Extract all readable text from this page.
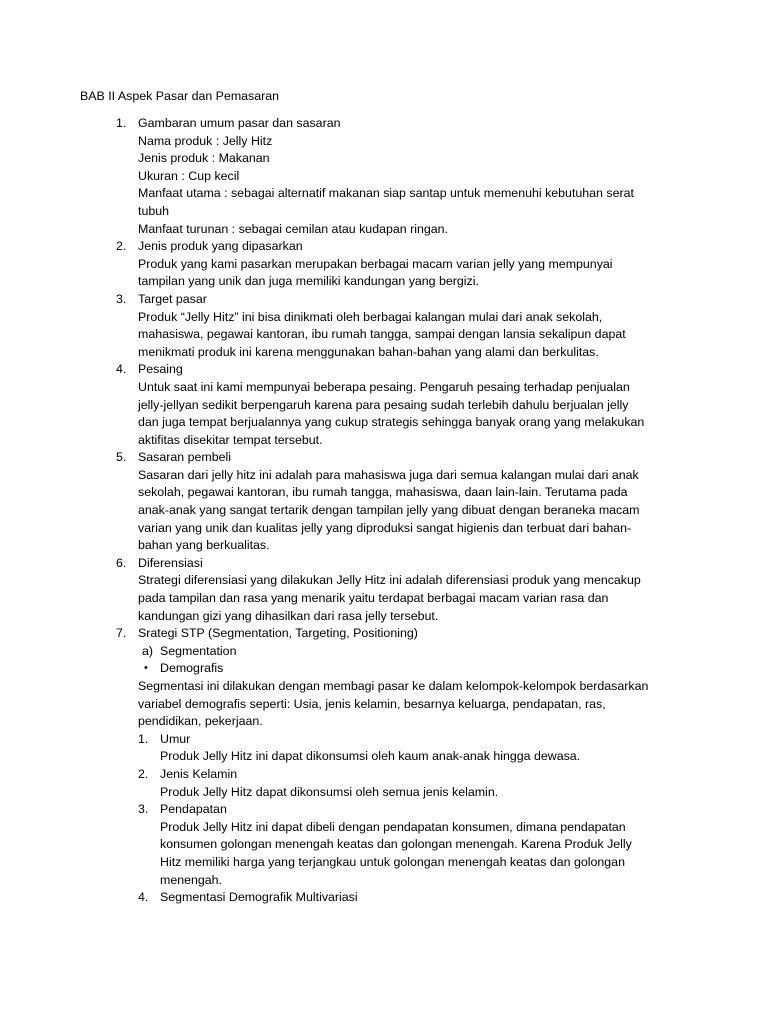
BAB II Aspek Pasar dan Pemasaran
1. Gambaran umum pasar dan sasaran
Nama produk : Jelly Hitz
Jenis produk : Makanan
Ukuran : Cup kecil
Manfaat utama : sebagai alternatif makanan siap santap untuk memenuhi kebutuhan serat
tubuh
Manfaat turunan : sebagai cemilan atau kudapan ringan.
2. Jenis produk yang dipasarkan
Produk yang kami pasarkan merupakan berbagai macam varian jelly yang mempunyai
tampilan yang unik dan juga memiliki kandungan yang bergizi.
3. Target pasar
Produk “Jelly Hitz” ini bisa dinikmati oleh berbagai kalangan mulai dari anak sekolah,
mahasiswa, pegawai kantoran, ibu rumah tangga, sampai dengan lansia sekalipun dapat
menikmati produk ini karena menggunakan bahan-bahan yang alami dan berkulitas.
4. Pesaing
Untuk saat ini kami mempunyai beberapa pesaing. Pengaruh pesaing terhadap penjualan
jelly-jellyan sedikit berpengaruh karena para pesaing sudah terlebih dahulu berjualan jelly
dan juga tempat berjualannya yang cukup strategis sehingga banyak orang yang melakukan
aktifitas disekitar tempat tersebut.
5. Sasaran pembeli
Sasaran dari jelly hitz ini adalah para mahasiswa juga dari semua kalangan mulai dari anak
sekolah, pegawai kantoran, ibu rumah tangga, mahasiswa, daan lain-lain. Terutama pada
anak-anak yang sangat tertarik dengan tampilan jelly yang dibuat dengan beraneka macam
varian yang unik dan kualitas jelly yang diproduksi sangat higienis dan terbuat dari bahan-
bahan yang berkualitas.
6. Diferensiasi
Strategi diferensiasi yang dilakukan Jelly Hitz ini adalah diferensiasi produk yang mencakup
pada tampilan dan rasa yang menarik yaitu terdapat berbagai macam varian rasa dan
kandungan gizi yang dihasilkan dari rasa jelly tersebut.
7. Srategi STP (Segmentation, Targeting, Positioning)
a) Segmentation
• Demografis
Segmentasi ini dilakukan dengan membagi pasar ke dalam kelompok-kelompok berdasarkan
variabel demografis seperti: Usia, jenis kelamin, besarnya keluarga, pendapatan, ras,
pendidikan, pekerjaan.
1. Umur
Produk Jelly Hitz ini dapat dikonsumsi oleh kaum anak-anak hingga dewasa.
2. Jenis Kelamin
Produk Jelly Hitz dapat dikonsumsi oleh semua jenis kelamin.
3. Pendapatan
Produk Jelly Hitz ini dapat dibeli dengan pendapatan konsumen, dimana pendapatan
konsumen golongan menengah keatas dan golongan menengah. Karena Produk Jelly
Hitz memiliki harga yang terjangkau untuk golongan menengah keatas dan golongan
menengah.
4. Segmentasi Demografik Multivariasi
